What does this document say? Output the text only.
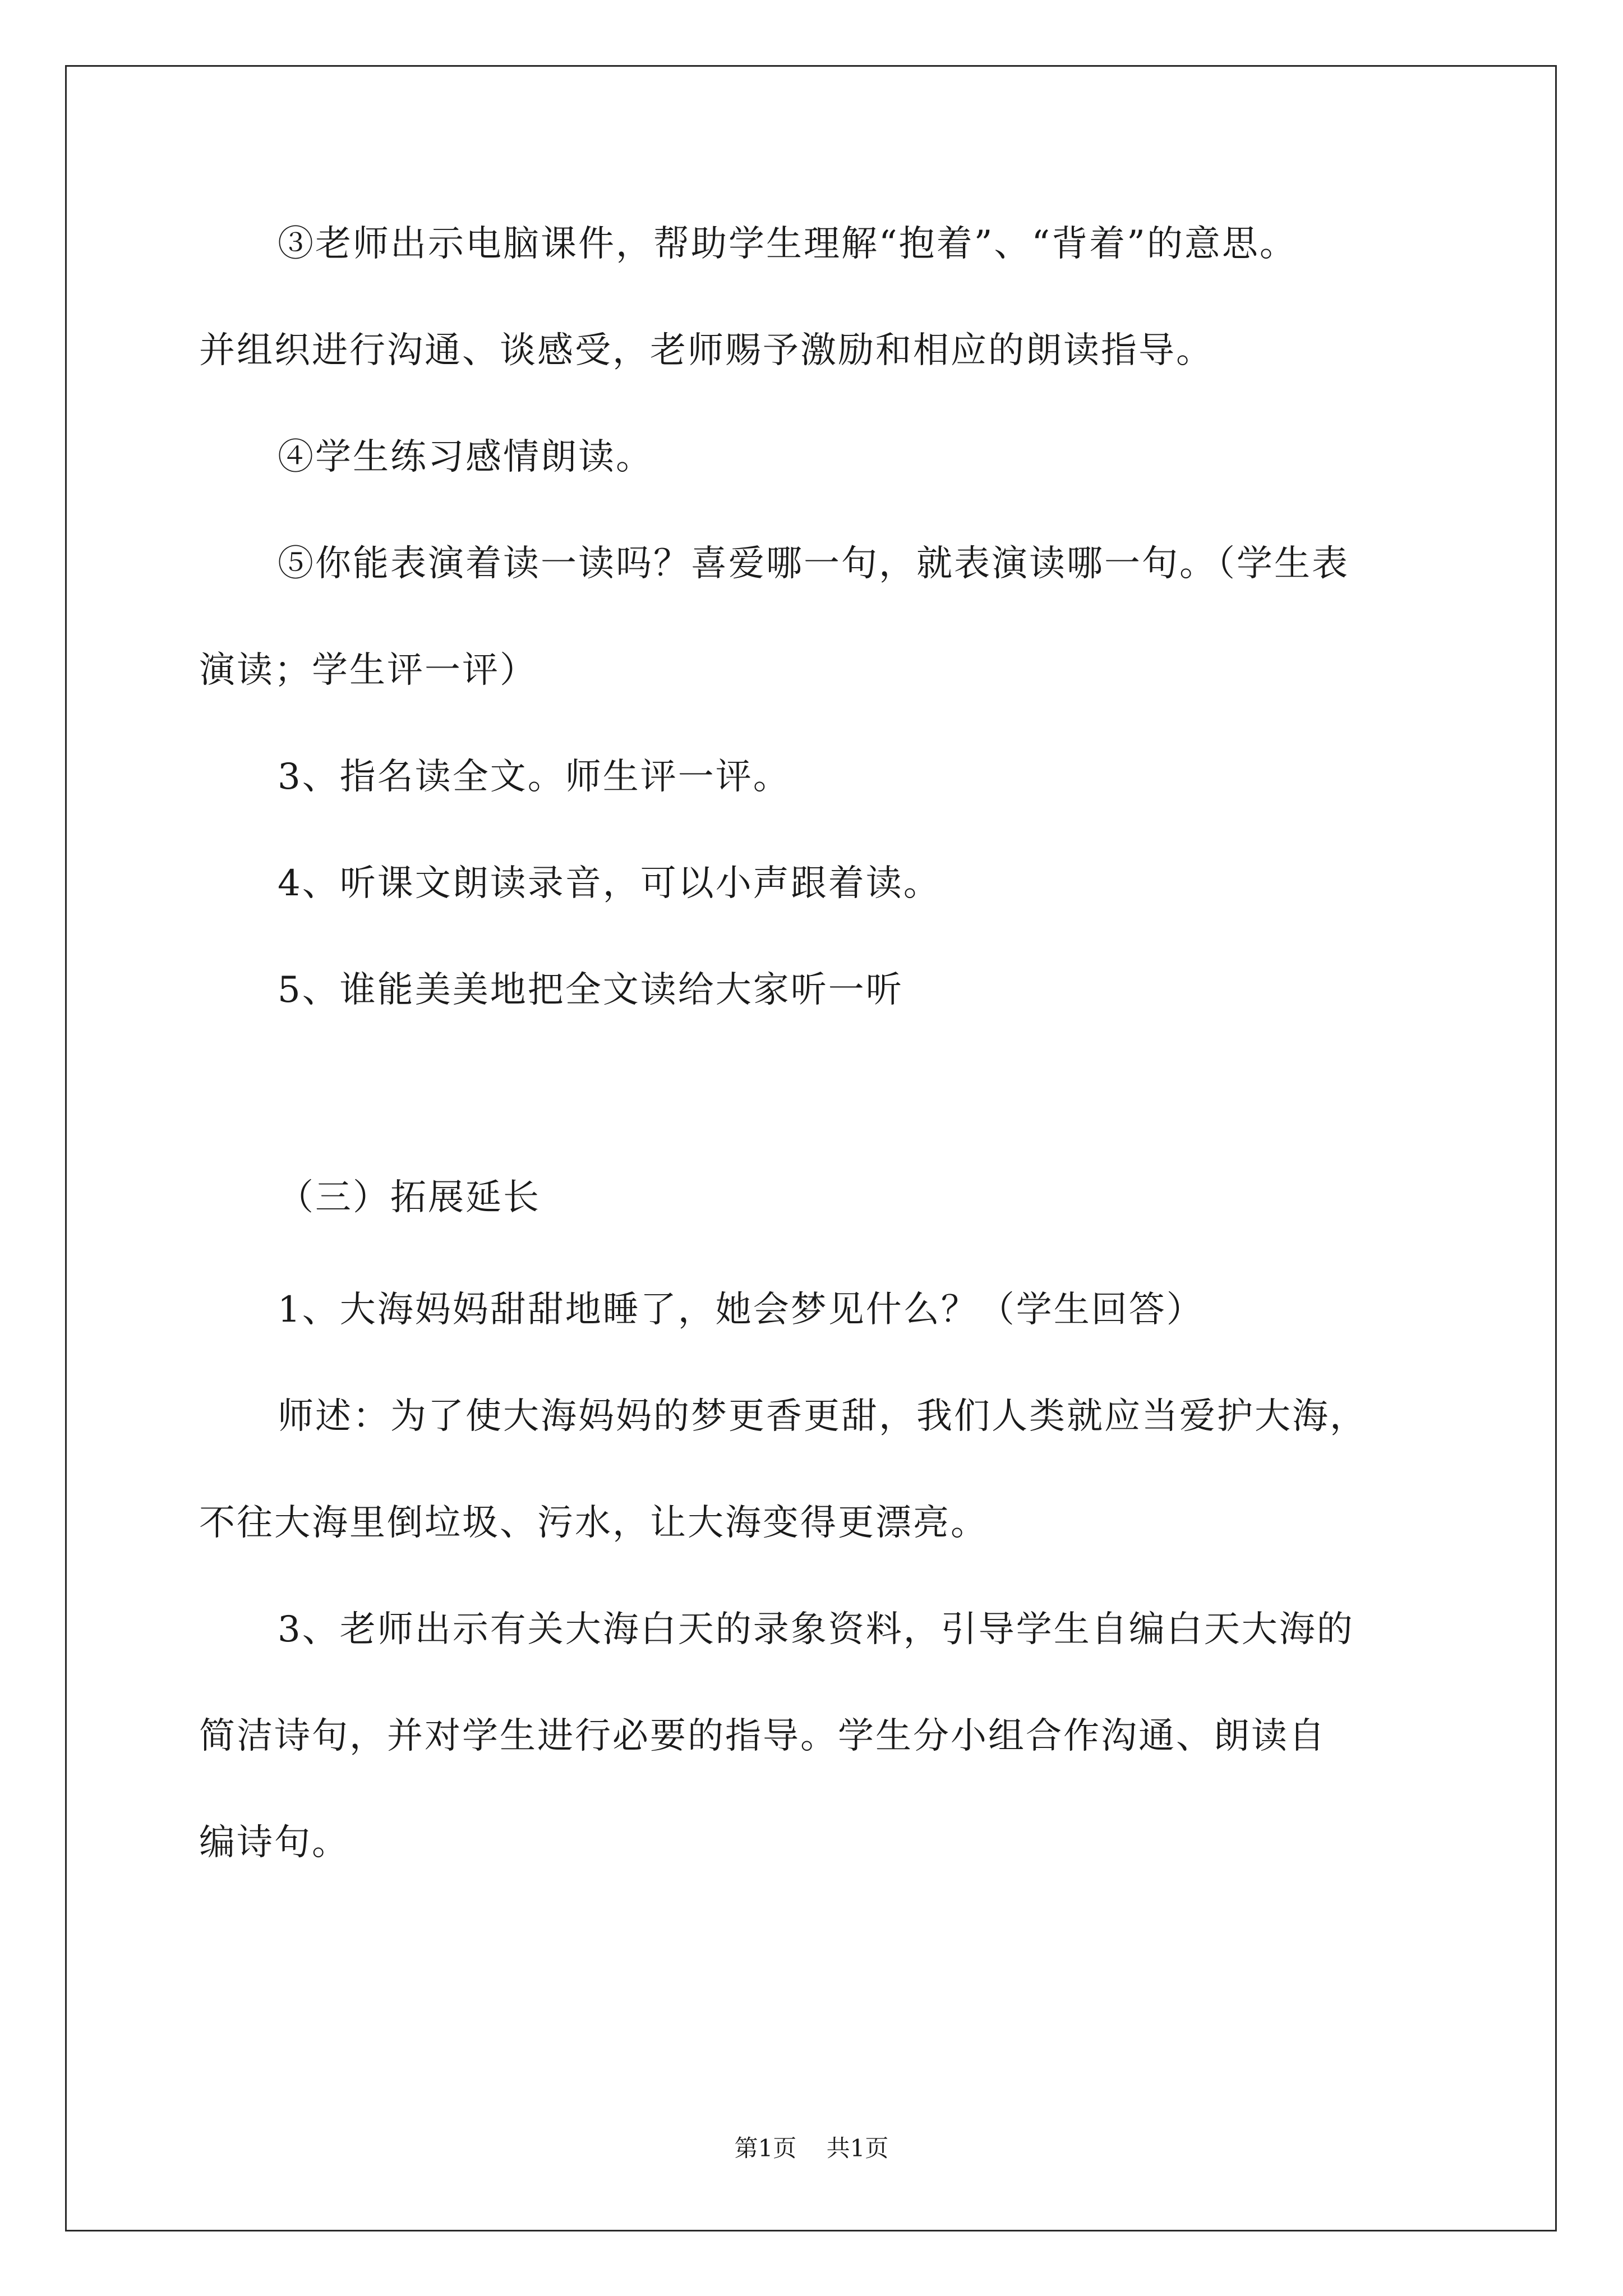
③老师出示电脑课件，帮助学生理解“抱着”、“背着”的意思。
并组织进行沟通、谈感受，老师赐予激励和相应的朗读指导。
④学生练习感情朗读。
⑤你能表演着读一读吗？喜爱哪一句，就表演读哪一句。（学生表
演读；学生评一评）
3、指名读全文。师生评一评。
4、听课文朗读录音，可以小声跟着读。
5、谁能美美地把全文读给大家听一听
（三）拓展延长
1、大海妈妈甜甜地睡了，她会梦见什么？（学生回答）
师述：为了使大海妈妈的梦更香更甜，我们人类就应当爱护大海，
不往大海里倒垃圾、污水，让大海变得更漂亮。
3、老师出示有关大海白天的录象资料，引导学生自编白天大海的
简洁诗句，并对学生进行必要的指导。学生分小组合作沟通、朗读自
编诗句。
第1页 共1页
